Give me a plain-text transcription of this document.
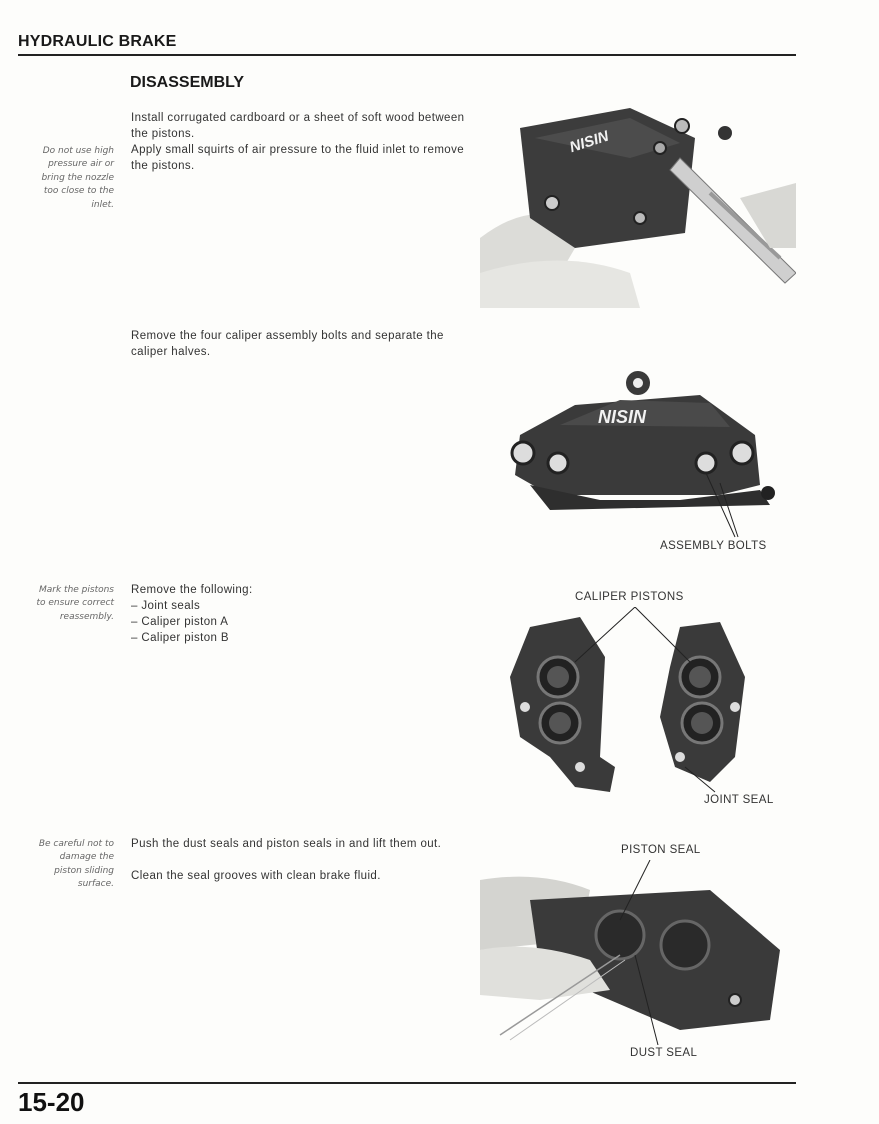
HYDRAULIC BRAKE
DISASSEMBLY
Do not use high
pressure air or
bring the nozzle
too close to the
inlet.

Install corrugated cardboard or a sheet of soft wood between the pistons.

Apply small squirts of air pressure to the fluid inlet to remove the pistons.

NISIN

Remove the four caliper assembly bolts and separate the caliper halves.

NISIN
ASSEMBLY BOLTS
Mark the pistons
to ensure correct
reassembly.

Remove the following:

– Joint seals

– Caliper piston A

– Caliper piston B

CALIPER PISTONS
JOINT SEAL
Be careful not to
damage the
piston sliding
surface.

Push the dust seals and piston seals in and lift them out.

Clean the seal grooves with clean brake fluid.

PISTON SEAL
DUST SEAL
15-20
